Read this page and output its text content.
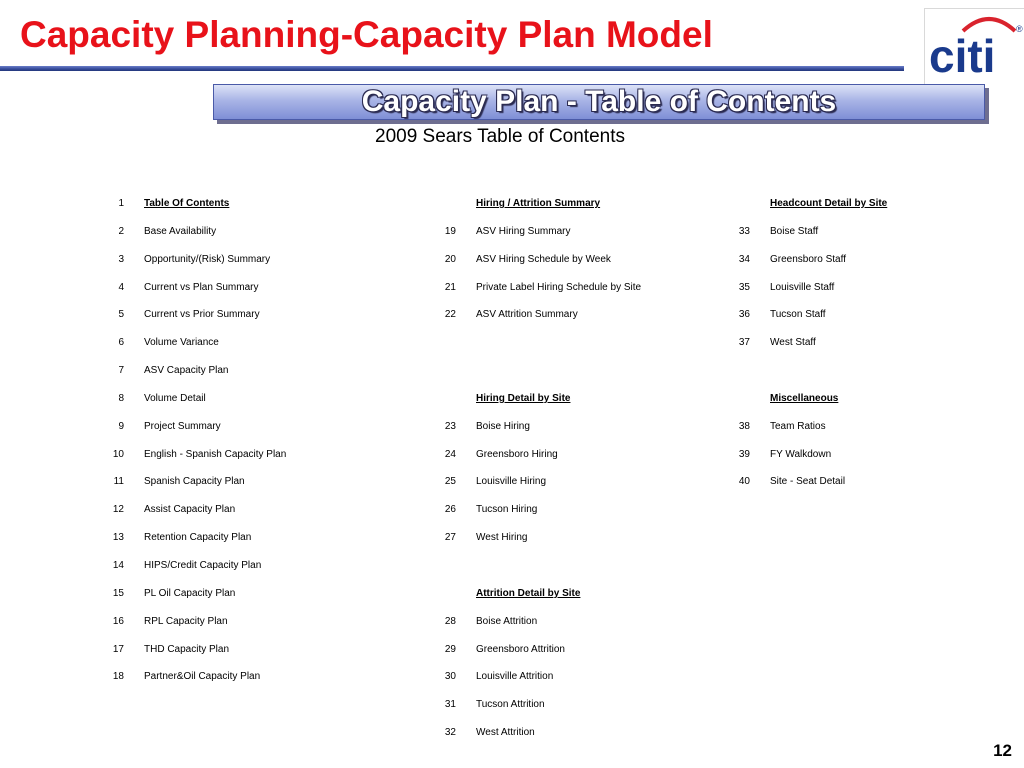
Capacity Planning-Capacity Plan Model	citi
®
Capacity Plan - Table of Contents
2009 Sears Table of Contents
1 Table Of Contents
2 Base Availability
3 Opportunity/(Risk) Summary
4 Current vs Plan Summary
5 Current vs Prior Summary
6 Volume Variance
7 ASV Capacity Plan
8 Volume Detail
9 Project Summary
10 English - Spanish Capacity Plan
11 Spanish Capacity Plan
12 Assist Capacity Plan
13 Retention Capacity Plan
14 HIPS/Credit Capacity Plan
15 PL Oil Capacity Plan
16 RPL Capacity Plan
17 THD Capacity Plan
18 Partner&Oil Capacity Plan
Hiring / Attrition Summary
19 ASV Hiring Summary
20 ASV Hiring Schedule by Week
21 Private Label Hiring Schedule by Site
22 ASV Attrition Summary
Hiring Detail by Site
23 Boise Hiring
24 Greensboro Hiring
25 Louisville Hiring
26 Tucson Hiring
27 West Hiring
Attrition Detail by Site
28 Boise Attrition
29 Greensboro Attrition
30 Louisville Attrition
31 Tucson Attrition
32 West Attrition
Headcount Detail by Site
33 Boise Staff
34 Greensboro Staff
35 Louisville Staff
36 Tucson Staff
37 West Staff
Miscellaneous
38 Team Ratios
39 FY Walkdown
40 Site - Seat Detail
12
